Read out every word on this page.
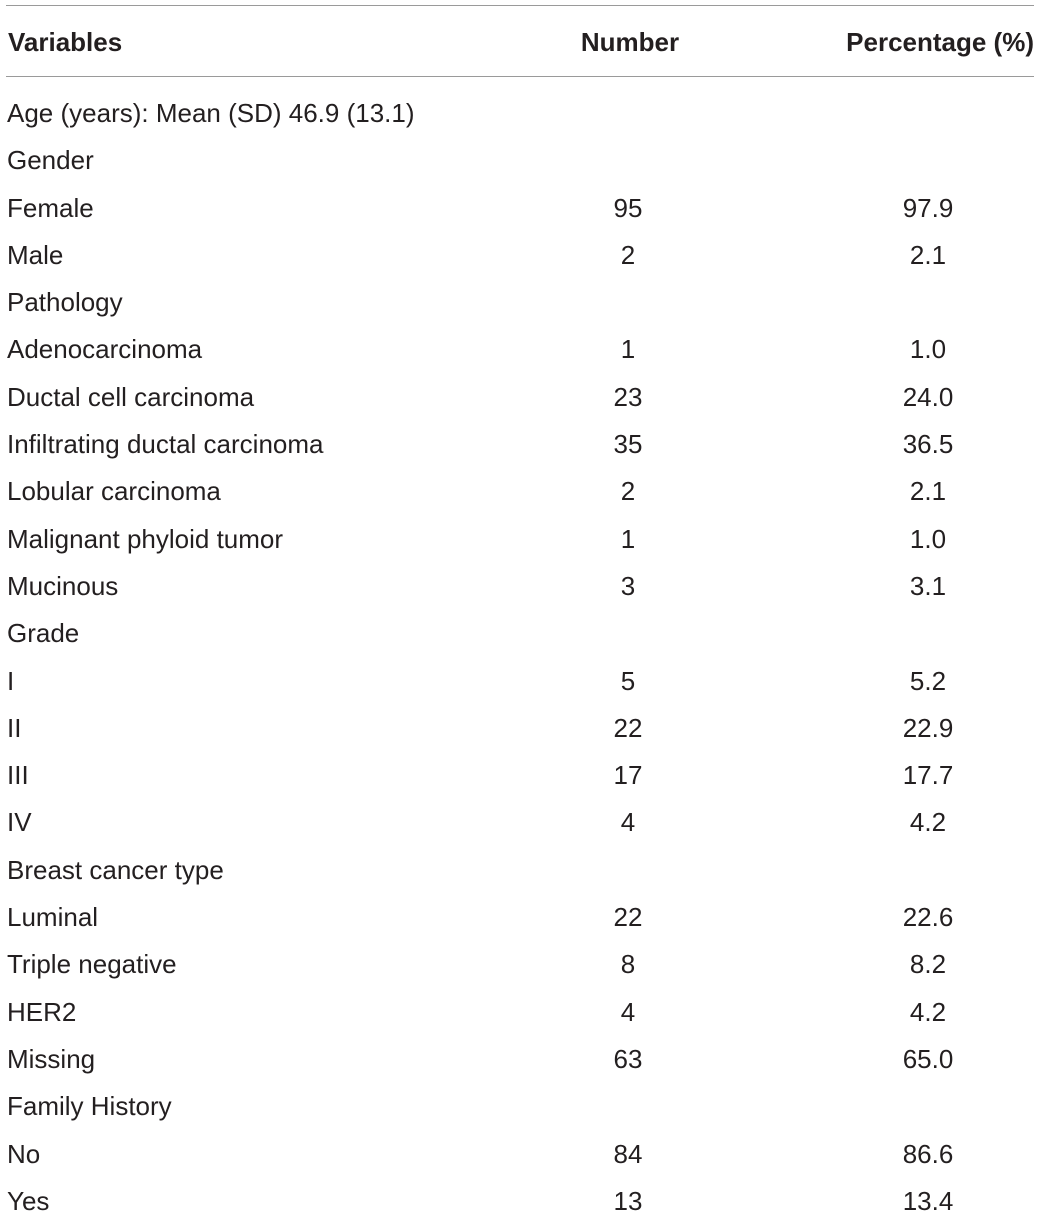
Variables	Number	Percentage (%)
Age (years): Mean (SD) 46.9 (13.1)
Gender
Female	95	97.9
Male	2	2.1
Pathology
Adenocarcinoma	1	1.0
Ductal cell carcinoma	23	24.0
Infiltrating ductal carcinoma	35	36.5
Lobular carcinoma	2	2.1
Malignant phyloid tumor	1	1.0
Mucinous	3	3.1
Grade
I	5	5.2
II	22	22.9
III	17	17.7
IV	4	4.2
Breast cancer type
Luminal	22	22.6
Triple negative	8	8.2
HER2	4	4.2
Missing	63	65.0
Family History
No	84	86.6
Yes	13	13.4
